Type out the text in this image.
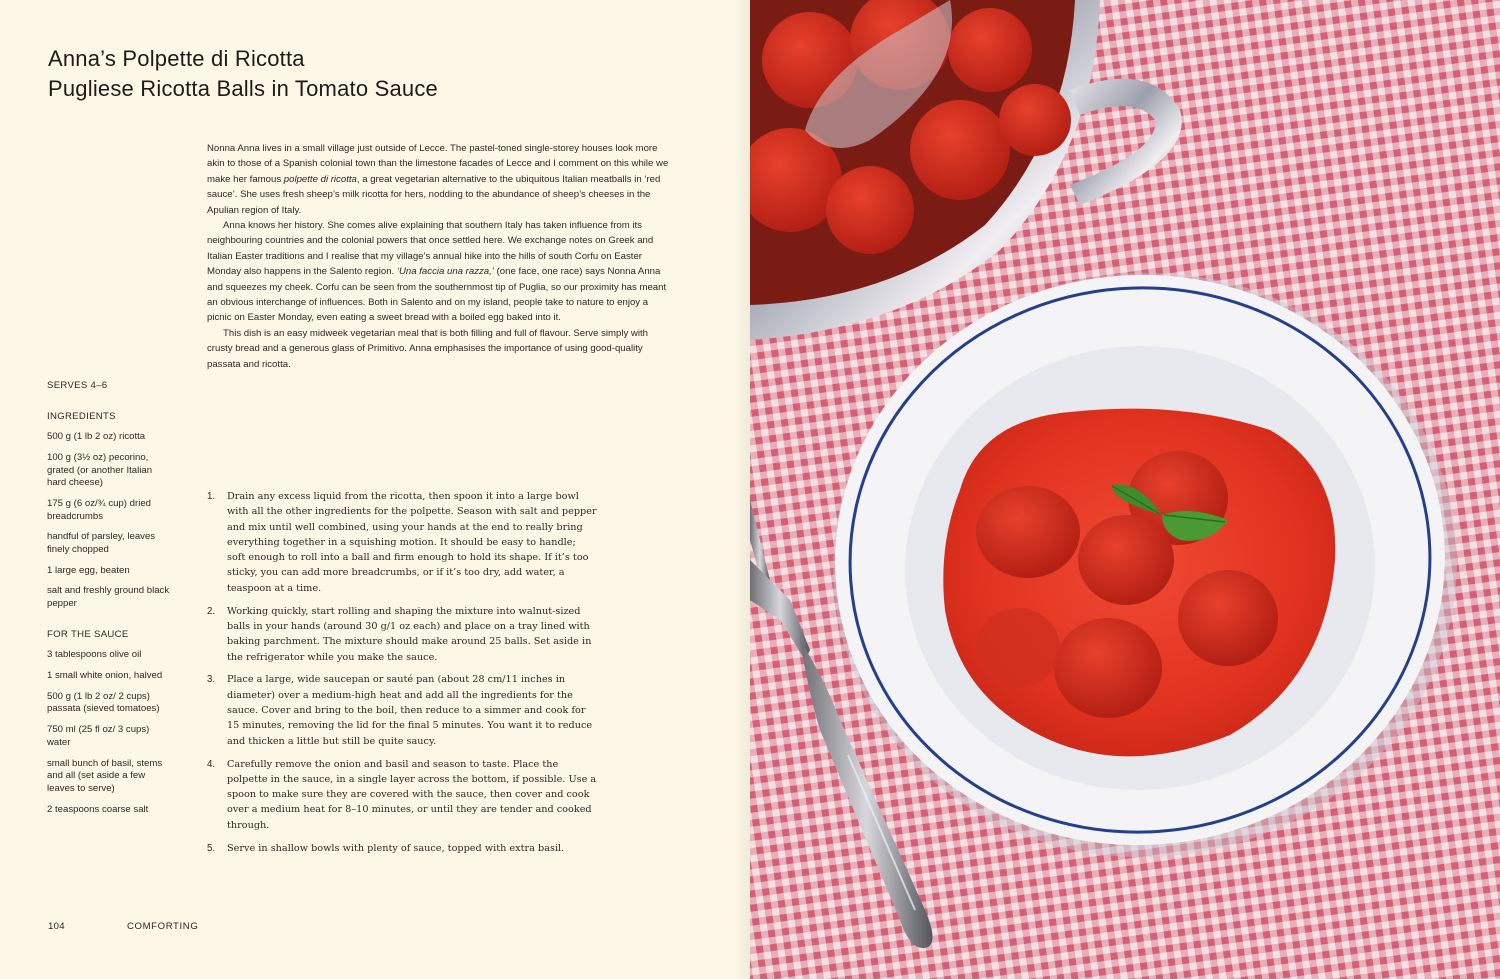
Anna’s Polpette di Ricotta
Pugliese Ricotta Balls in Tomato Sauce

Nonna Anna lives in a small village just outside of Lecce. The pastel-toned single-storey houses look more akin to those of a Spanish colonial town than the limestone facades of Lecce and I comment on this while we make her famous polpette di ricotta, a great vegetarian alternative to the ubiquitous Italian meatballs in ‘red sauce’. She uses fresh sheep’s milk ricotta for hers, nodding to the abundance of sheep’s cheeses in the Apulian region of Italy.

Anna knows her history. She comes alive explaining that southern Italy has taken influence from its neighbouring countries and the colonial powers that once settled here. We exchange notes on Greek and Italian Easter traditions and I realise that my village’s annual hike into the hills of south Corfu on Easter Monday also happens in the Salento region. ‘Una faccia una razza,’ (one face, one race) says Nonna Anna and squeezes my cheek. Corfu can be seen from the southernmost tip of Puglia, so our proximity has meant an obvious interchange of influences. Both in Salento and on my island, people take to nature to enjoy a picnic on Easter Monday, even eating a sweet bread with a boiled egg baked into it.

This dish is an easy midweek vegetarian meal that is both filling and full of flavour. Serve simply with crusty bread and a generous glass of Primitivo. Anna emphasises the importance of using good-quality passata and ricotta.

SERVES 4–6
INGREDIENTS
500 g (1 lb 2 oz) ricotta
100 g (3½ oz) pecorino, grated (or another Italian hard cheese)
175 g (6 oz/¾ cup) dried breadcrumbs
handful of parsley, leaves finely chopped
1 large egg, beaten
salt and freshly ground black pepper
FOR THE SAUCE
3 tablespoons olive oil
1 small white onion, halved
500 g (1 lb 2 oz/ 2 cups) passata (sieved tomatoes)
750 ml (25 fl oz/ 3 cups) water
small bunch of basil, stems and all (set aside a few leaves to serve)
2 teaspoons coarse salt
1. Drain any excess liquid from the ricotta, then spoon it into a large bowl with all the other ingredients for the polpette. Season with salt and pepper and mix until well combined, using your hands at the end to really bring everything together in a squishing motion. It should be easy to handle; soft enough to roll into a ball and firm enough to hold its shape. If it’s too sticky, you can add more breadcrumbs, or if it’s too dry, add water, a teaspoon at a time.
2. Working quickly, start rolling and shaping the mixture into walnut-sized balls in your hands (around 30 g/1 oz each) and place on a tray lined with baking parchment. The mixture should make around 25 balls. Set aside in the refrigerator while you make the sauce.
3. Place a large, wide saucepan or sauté pan (about 28 cm/11 inches in diameter) over a medium-high heat and add all the ingredients for the sauce. Cover and bring to the boil, then reduce to a simmer and cook for 15 minutes, removing the lid for the final 5 minutes. You want it to reduce and thicken a little but still be quite saucy.
4. Carefully remove the onion and basil and season to taste. Place the polpette in the sauce, in a single layer across the bottom, if possible. Use a spoon to make sure they are covered with the sauce, then cover and cook over a medium heat for 8–10 minutes, or until they are tender and cooked through.
5. Serve in shallow bowls with plenty of sauce, topped with extra basil.
104	COMFORTING
